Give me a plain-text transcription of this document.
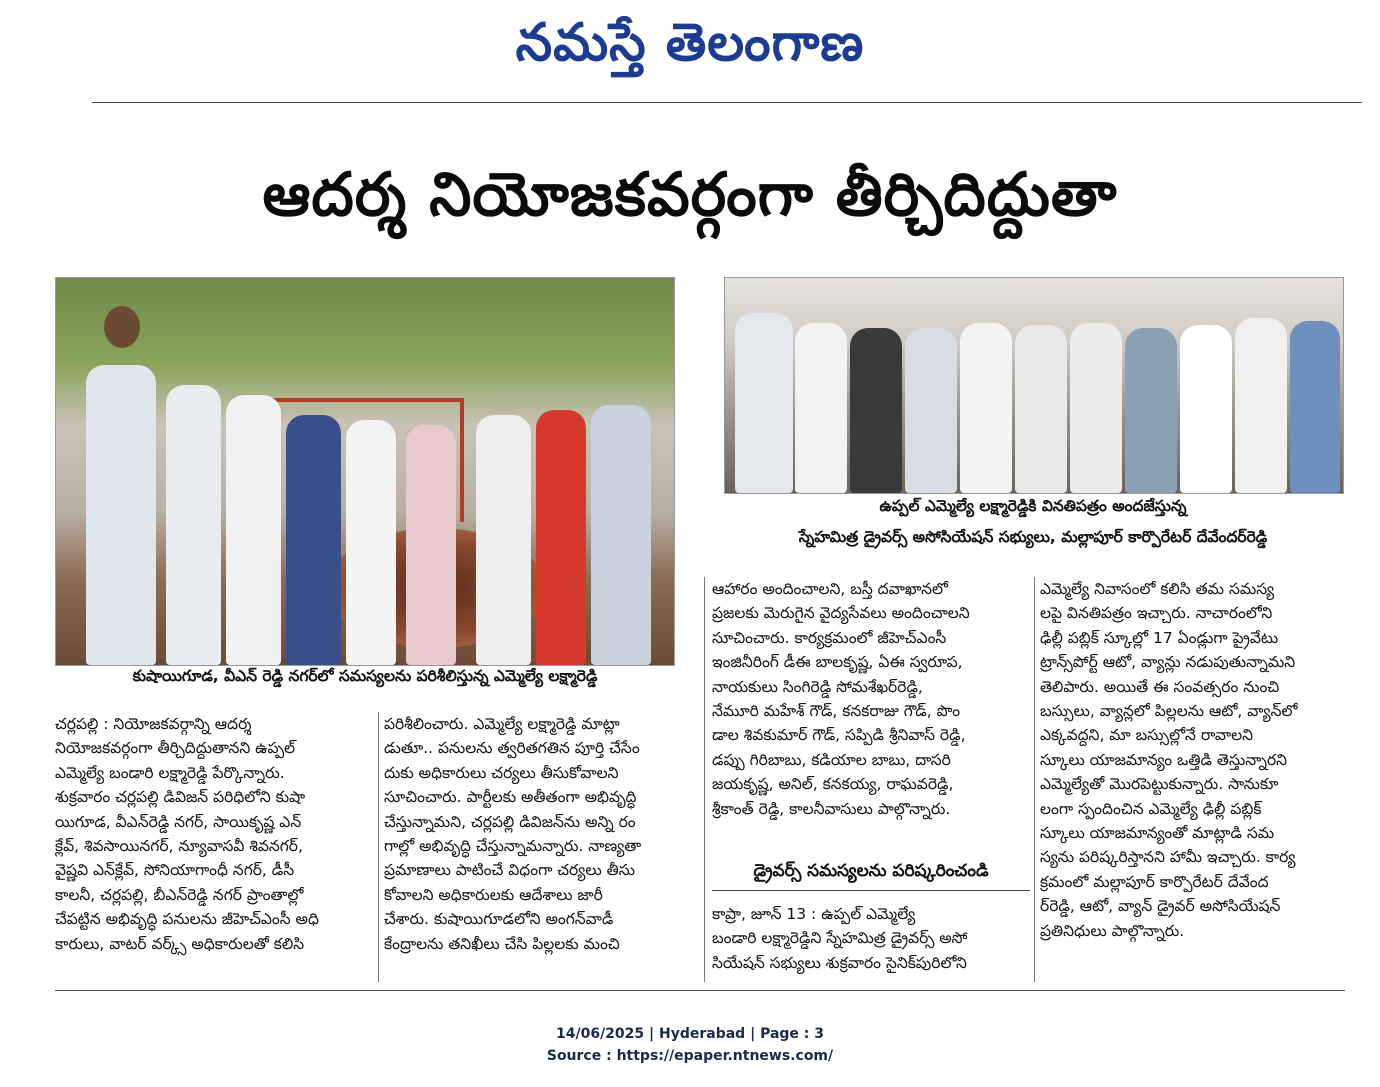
నమస్తే తెలంగాణ
ఆదర్శ నియోజకవర్గంగా తీర్చిదిద్దుతా
కుషాయిగూడ, వీఎన్‌ రెడ్డి నగర్‌లో సమస్యలను పరిశీలిస్తున్న ఎమ్మెల్యే లక్ష్మారెడ్డి
ఉప్పల్‌ ఎమ్మెల్యే లక్ష్మారెడ్డికి వినతిపత్రం అందజేస్తున్న
స్నేహమిత్ర డ్రైవర్స్‌ అసోసియేషన్‌ సభ్యులు, మల్లాపూర్‌ కార్పొరేటర్‌ దేవేందర్‌రెడ్డి
చర్లపల్లి : నియోజకవర్గాన్ని ఆదర్శ
నియోజకవర్గంగా తీర్చిదిద్దుతానని ఉప్పల్‌
ఎమ్మెల్యే బండారి లక్ష్మారెడ్డి పేర్కొన్నారు.
శుక్రవారం చర్లపల్లి డివిజన్‌ పరిధిలోని కుషా
యిగూడ, వీఎన్‌రెడ్డి నగర్‌, సాయికృష్ణ ఎన్‌
క్లేవ్‌, శివసాయినగర్‌, న్యూవాసవీ శివనగర్‌,
వైష్ణవి ఎన్‌క్లేవ్‌, సోనియాగాంధీ నగర్‌, డీసీ
కాలనీ, చర్లపల్లి, బీఎన్‌రెడ్డి నగర్‌ ప్రాంతాల్లో
చేపట్టిన అభివృద్ధి పనులను జీహెచ్‌ఎంసీ అధి
కారులు, వాటర్‌ వర్క్స్‌ అధికారులతో కలిసి
పరిశీలించారు. ఎమ్మెల్యే లక్ష్మారెడ్డి మాట్లా
డుతూ.. పనులను త్వరితగతిన పూర్తి చేసేం
దుకు అధికారులు చర్యలు తీసుకోవాలని
సూచించారు. పార్టీలకు అతీతంగా అభివృద్ధి
చేస్తున్నామని, చర్లపల్లి డివిజన్‌ను అన్ని రం
గాల్లో అభివృద్ధి చేస్తున్నామన్నారు. నాణ్యతా
ప్రమాణాలు పాటించే విధంగా చర్యలు తీసు
కోవాలని అధికారులకు ఆదేశాలు జారీ
చేశారు. కుషాయిగూడలోని అంగన్‌వాడీ
కేంద్రాలను తనిఖీలు చేసి పిల్లలకు మంచి
ఆహారం అందించాలని, బస్తీ దవాఖానలో
ప్రజలకు మెరుగైన వైద్యసేవలు అందించాలని
సూచించారు. కార్యక్రమంలో జీహెచ్‌ఎంసీ
ఇంజినీరింగ్‌ డీఈ బాలకృష్ణ, ఏఈ స్వరూప,
నాయకులు సింగిరెడ్డి సోమశేఖర్‌రెడ్డి,
నేమూరి మహేశ్‌ గౌడ్‌, కనకరాజు గౌడ్‌, పొం
డాల శివకుమార్‌ గౌడ్‌, సప్పిడి శ్రీనివాస్‌ రెడ్డి,
డప్పు గిరిబాబు, కడియాల బాబు, దాసరి
జయకృష్ణ, అనిల్‌, కనకయ్య, రాఘవరెడ్డి,
శ్రీకాంత్‌ రెడ్డి, కాలనీవాసులు పాల్గొన్నారు.
డ్రైవర్స్‌ సమస్యలను పరిష్కరించండి
కాప్రా, జూన్‌ 13 : ఉప్పల్‌ ఎమ్మెల్యే
బండారి లక్ష్మారెడ్డిని స్నేహమిత్ర డ్రైవర్స్‌ అసో
సియేషన్‌ సభ్యులు శుక్రవారం సైనిక్‌పురిలోని
ఎమ్మెల్యే నివాసంలో కలిసి తమ సమస్య
లపై వినతిపత్రం ఇచ్చారు. నాచారంలోని
ఢిల్లీ పబ్లిక్‌ స్కూల్లో 17 ఏండ్లుగా ప్రైవేటు
ట్రాన్స్‌పోర్ట్‌ ఆటో, వ్యాన్లు నడుపుతున్నామని
తెలిపారు. అయితే ఈ సంవత్సరం నుంచి
బస్సులు, వ్యాన్లలో పిల్లలను ఆటో, వ్యాన్‌లో
ఎక్కవద్దని, మా బస్సుల్లోనే రావాలని
స్కూలు యాజమాన్యం ఒత్తిడి తెస్తున్నారని
ఎమ్మెల్యేతో మొరపెట్టుకున్నారు. సానుకూ
లంగా స్పందించిన ఎమ్మెల్యే ఢిల్లీ పబ్లిక్‌
స్కూలు యాజమాన్యంతో మాట్లాడి సమ
స్యను పరిష్కరిస్తానని హామీ ఇచ్చారు. కార్య
క్రమంలో మల్లాపూర్‌ కార్పొరేటర్‌ దేవేంద
ర్‌రెడ్డి, ఆటో, వ్యాన్‌ డ్రైవర్‌ అసోసియేషన్‌
ప్రతినిధులు పాల్గొన్నారు.
14/06/2025 | Hyderabad | Page : 3
Source : https://epaper.ntnews.com/
